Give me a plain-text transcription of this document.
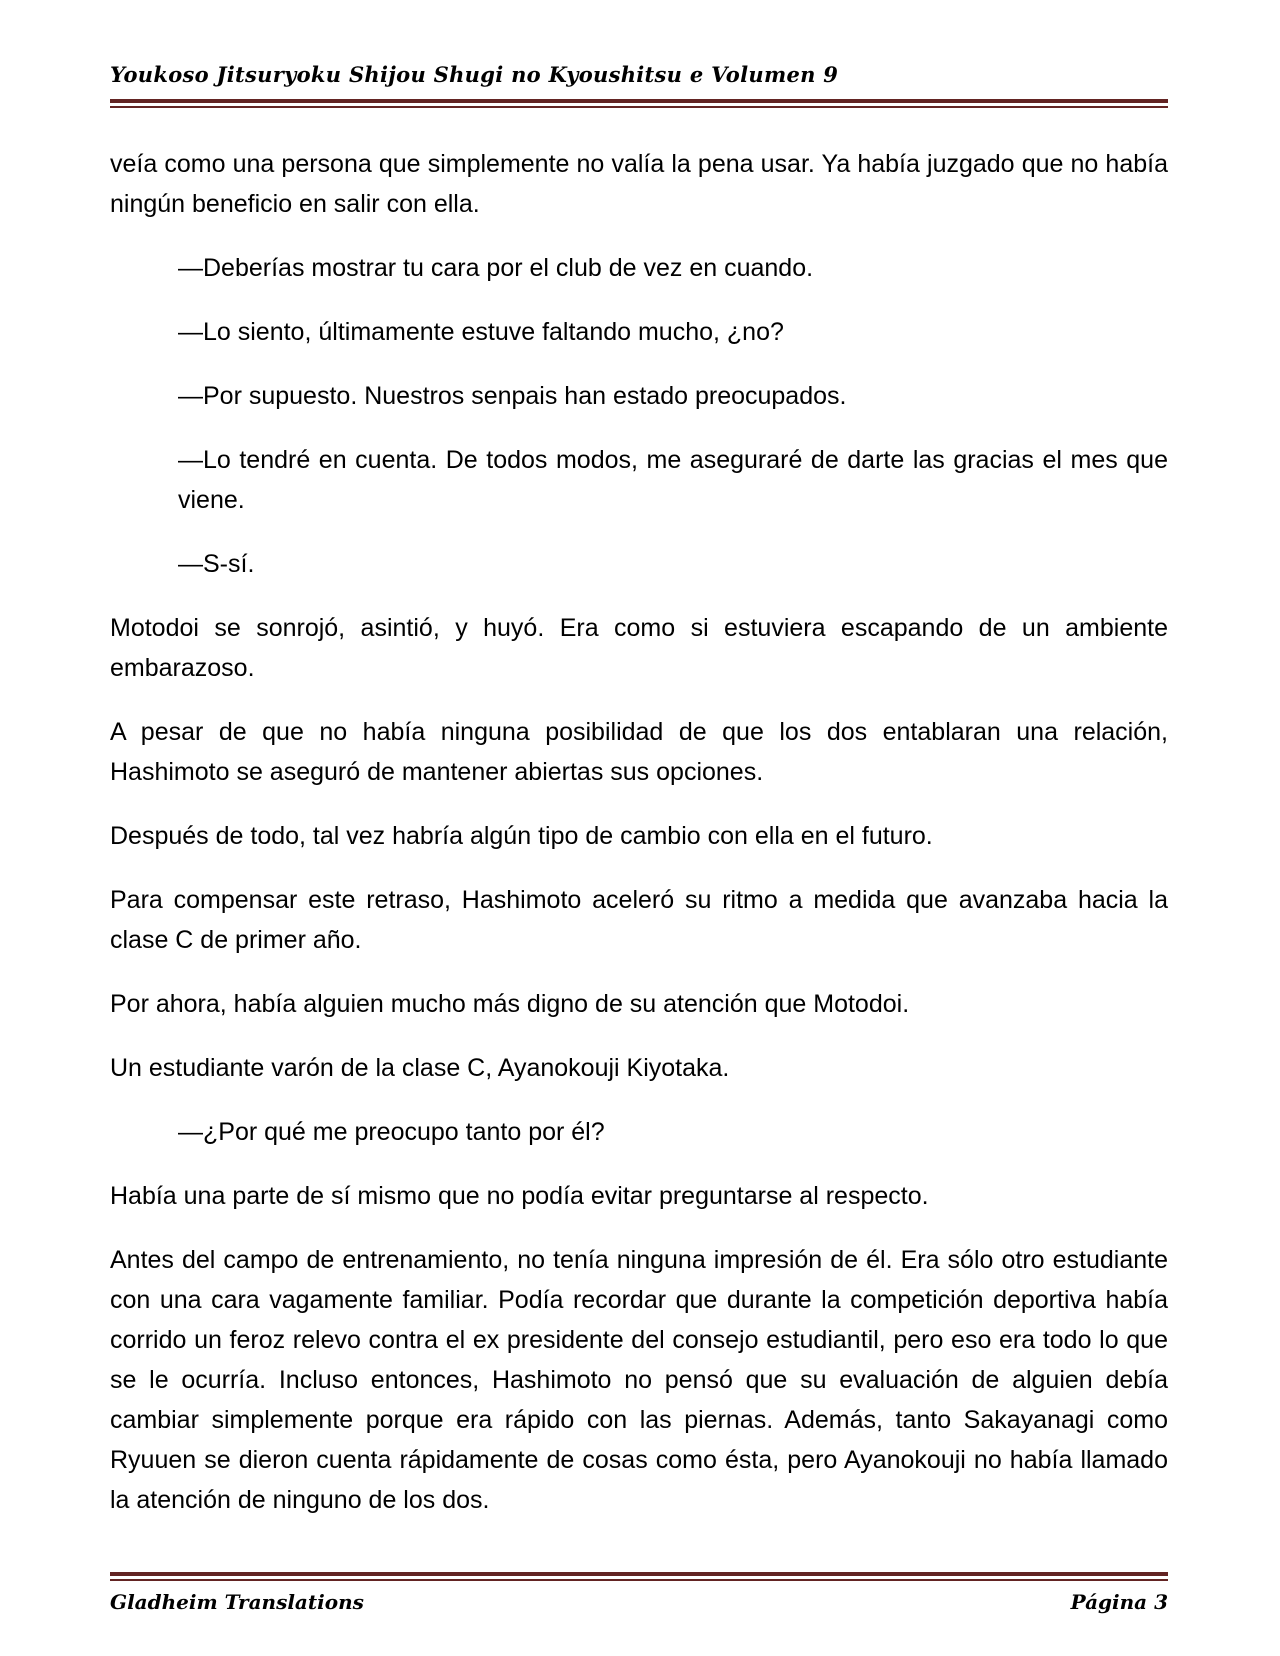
Youkoso Jitsuryoku Shijou Shugi no Kyoushitsu e Volumen 9

veía como una persona que simplemente no valía la pena usar. Ya había juzgado que no había ningún beneficio en salir con ella.

—Deberías mostrar tu cara por el club de vez en cuando.

—Lo siento, últimamente estuve faltando mucho, ¿no?

—Por supuesto. Nuestros senpais han estado preocupados.

—Lo tendré en cuenta. De todos modos, me aseguraré de darte las gracias el mes que viene.

—S-sí.

Motodoi se sonrojó, asintió, y huyó. Era como si estuviera escapando de un ambiente embarazoso.

A pesar de que no había ninguna posibilidad de que los dos entablaran una relación, Hashimoto se aseguró de mantener abiertas sus opciones.

Después de todo, tal vez habría algún tipo de cambio con ella en el futuro.

Para compensar este retraso, Hashimoto aceleró su ritmo a medida que avanzaba hacia la clase C de primer año.

Por ahora, había alguien mucho más digno de su atención que Motodoi.

Un estudiante varón de la clase C, Ayanokouji Kiyotaka.

—¿Por qué me preocupo tanto por él?

Había una parte de sí mismo que no podía evitar preguntarse al respecto.

Antes del campo de entrenamiento, no tenía ninguna impresión de él. Era sólo otro estudiante con una cara vagamente familiar. Podía recordar que durante la competición deportiva había corrido un feroz relevo contra el ex presidente del consejo estudiantil, pero eso era todo lo que se le ocurría. Incluso entonces, Hashimoto no pensó que su evaluación de alguien debía cambiar simplemente porque era rápido con las piernas. Además, tanto Sakayanagi como Ryuuen se dieron cuenta rápidamente de cosas como ésta, pero Ayanokouji no había llamado la atención de ninguno de los dos.

Gladheim Translations	Página 3
